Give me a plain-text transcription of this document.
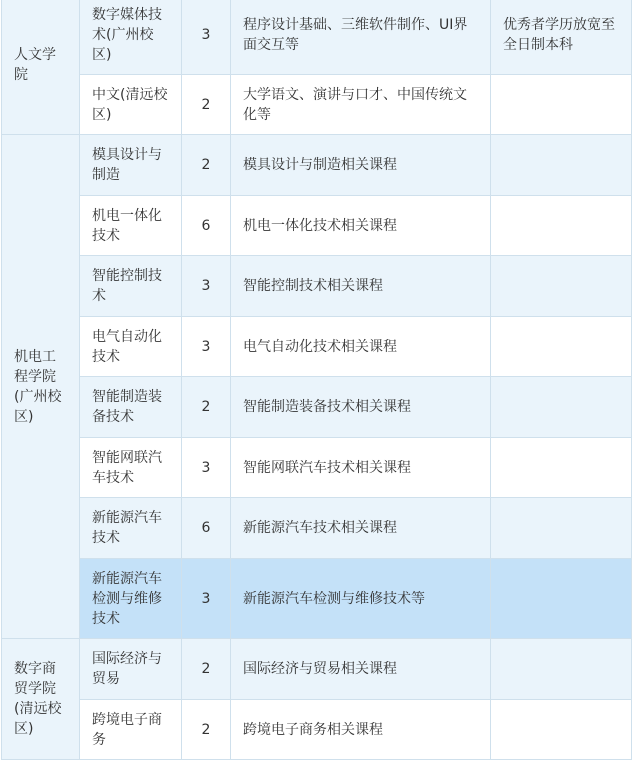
人文学院	数字媒体技术(广州校区)	3	程序设计基础、三维软件制作、UI界面交互等	优秀者学历放宽至全日制本科
	中文(清远校区)	2	大学语文、演讲与口才、中国传统文化等	
机电工程学院(广州校区)	模具设计与制造	2	模具设计与制造相关课程	
	机电一体化技术	6	机电一体化技术相关课程	
	智能控制技术	3	智能控制技术相关课程	
	电气自动化技术	3	电气自动化技术相关课程	
	智能制造装备技术	2	智能制造装备技术相关课程	
	智能网联汽车技术	3	智能网联汽车技术相关课程	
	新能源汽车技术	6	新能源汽车技术相关课程	
	新能源汽车检测与维修技术	3	新能源汽车检测与维修技术等	
数字商贸学院(清远校区)	国际经济与贸易	2	国际经济与贸易相关课程	
	跨境电子商务	2	跨境电子商务相关课程	
